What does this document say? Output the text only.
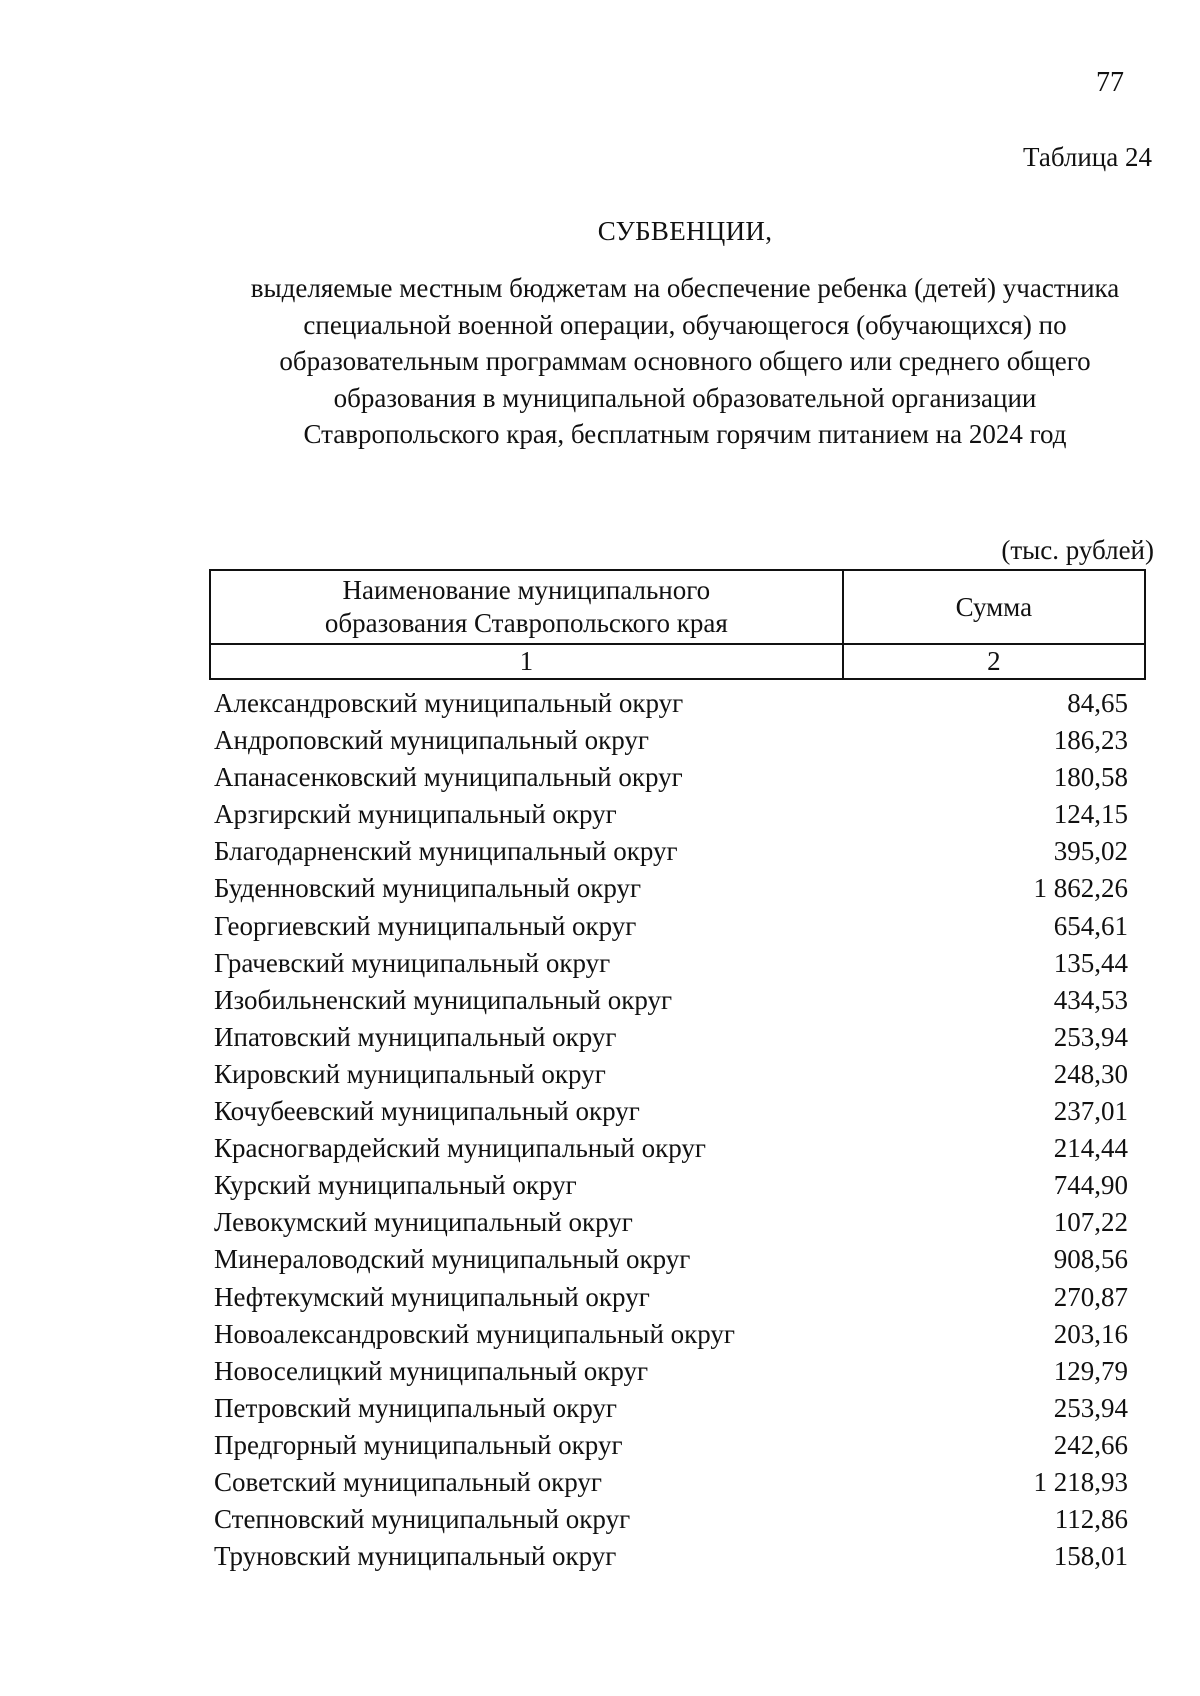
77
Таблица 24
СУБВЕНЦИИ,
выделяемые местным бюджетам на обеспечение ребенка (детей) участника
специальной военной операции, обучающегося (обучающихся) по
образовательным программам основного общего или среднего общего
образования в муниципальной образовательной организации
Ставропольского края, бесплатным горячим питанием на 2024 год
(тыс. рублей)
Наименование муниципального
образования Ставропольского края	Сумма
1	2
Александровский муниципальный округ	84,65
Андроповский муниципальный округ	186,23
Апанасенковский муниципальный округ	180,58
Арзгирский муниципальный округ	124,15
Благодарненский муниципальный округ	395,02
Буденновский муниципальный округ	1 862,26
Георгиевский муниципальный округ	654,61
Грачевский муниципальный округ	135,44
Изобильненский муниципальный округ	434,53
Ипатовский муниципальный округ	253,94
Кировский муниципальный округ	248,30
Кочубеевский муниципальный округ	237,01
Красногвардейский муниципальный округ	214,44
Курский муниципальный округ	744,90
Левокумский муниципальный округ	107,22
Минераловодский муниципальный округ	908,56
Нефтекумский муниципальный округ	270,87
Новоалександровский муниципальный округ	203,16
Новоселицкий муниципальный округ	129,79
Петровский муниципальный округ	253,94
Предгорный муниципальный округ	242,66
Советский муниципальный округ	1 218,93
Степновский муниципальный округ	112,86
Труновский муниципальный округ	158,01
